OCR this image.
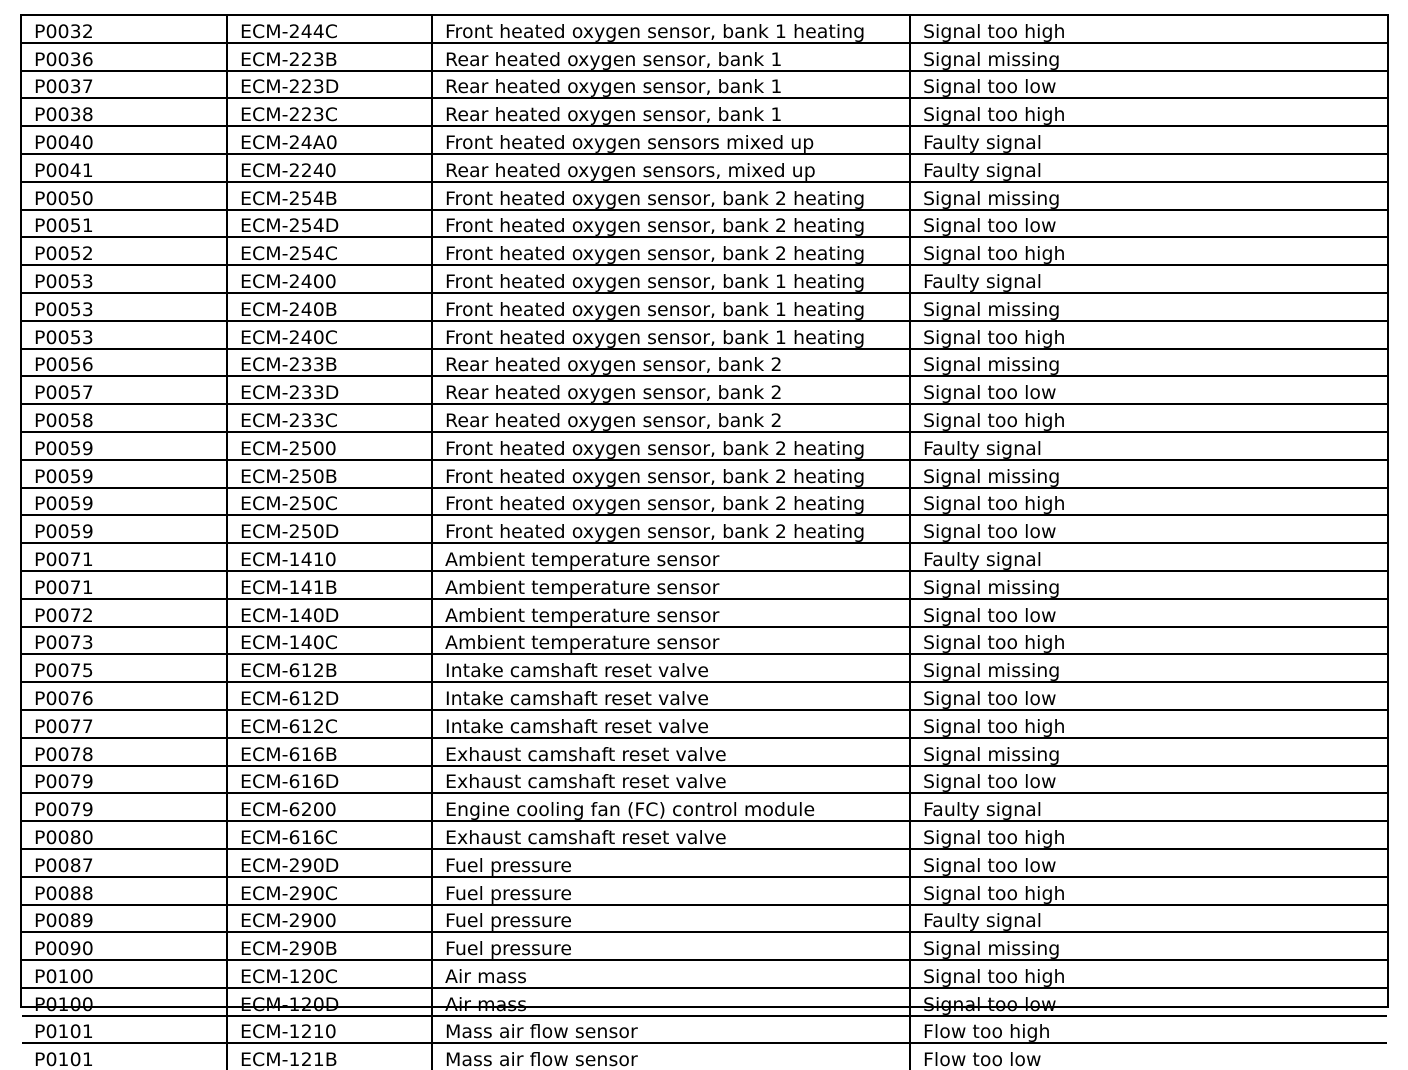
P0032	ECM-244C	Front heated oxygen sensor, bank 1 heating	Signal too high
P0036	ECM-223B	Rear heated oxygen sensor, bank 1	Signal missing
P0037	ECM-223D	Rear heated oxygen sensor, bank 1	Signal too low
P0038	ECM-223C	Rear heated oxygen sensor, bank 1	Signal too high
P0040	ECM-24A0	Front heated oxygen sensors mixed up	Faulty signal
P0041	ECM-2240	Rear heated oxygen sensors, mixed up	Faulty signal
P0050	ECM-254B	Front heated oxygen sensor, bank 2 heating	Signal missing
P0051	ECM-254D	Front heated oxygen sensor, bank 2 heating	Signal too low
P0052	ECM-254C	Front heated oxygen sensor, bank 2 heating	Signal too high
P0053	ECM-2400	Front heated oxygen sensor, bank 1 heating	Faulty signal
P0053	ECM-240B	Front heated oxygen sensor, bank 1 heating	Signal missing
P0053	ECM-240C	Front heated oxygen sensor, bank 1 heating	Signal too high
P0056	ECM-233B	Rear heated oxygen sensor, bank 2	Signal missing
P0057	ECM-233D	Rear heated oxygen sensor, bank 2	Signal too low
P0058	ECM-233C	Rear heated oxygen sensor, bank 2	Signal too high
P0059	ECM-2500	Front heated oxygen sensor, bank 2 heating	Faulty signal
P0059	ECM-250B	Front heated oxygen sensor, bank 2 heating	Signal missing
P0059	ECM-250C	Front heated oxygen sensor, bank 2 heating	Signal too high
P0059	ECM-250D	Front heated oxygen sensor, bank 2 heating	Signal too low
P0071	ECM-1410	Ambient temperature sensor	Faulty signal
P0071	ECM-141B	Ambient temperature sensor	Signal missing
P0072	ECM-140D	Ambient temperature sensor	Signal too low
P0073	ECM-140C	Ambient temperature sensor	Signal too high
P0075	ECM-612B	Intake camshaft reset valve	Signal missing
P0076	ECM-612D	Intake camshaft reset valve	Signal too low
P0077	ECM-612C	Intake camshaft reset valve	Signal too high
P0078	ECM-616B	Exhaust camshaft reset valve	Signal missing
P0079	ECM-616D	Exhaust camshaft reset valve	Signal too low
P0079	ECM-6200	Engine cooling fan (FC) control module	Faulty signal
P0080	ECM-616C	Exhaust camshaft reset valve	Signal too high
P0087	ECM-290D	Fuel pressure	Signal too low
P0088	ECM-290C	Fuel pressure	Signal too high
P0089	ECM-2900	Fuel pressure	Faulty signal
P0090	ECM-290B	Fuel pressure	Signal missing
P0100	ECM-120C	Air mass	Signal too high
P0100	ECM-120D	Air mass	Signal too low
P0101	ECM-1210	Mass air flow sensor	Flow too high
P0101	ECM-121B	Mass air flow sensor	Flow too low
